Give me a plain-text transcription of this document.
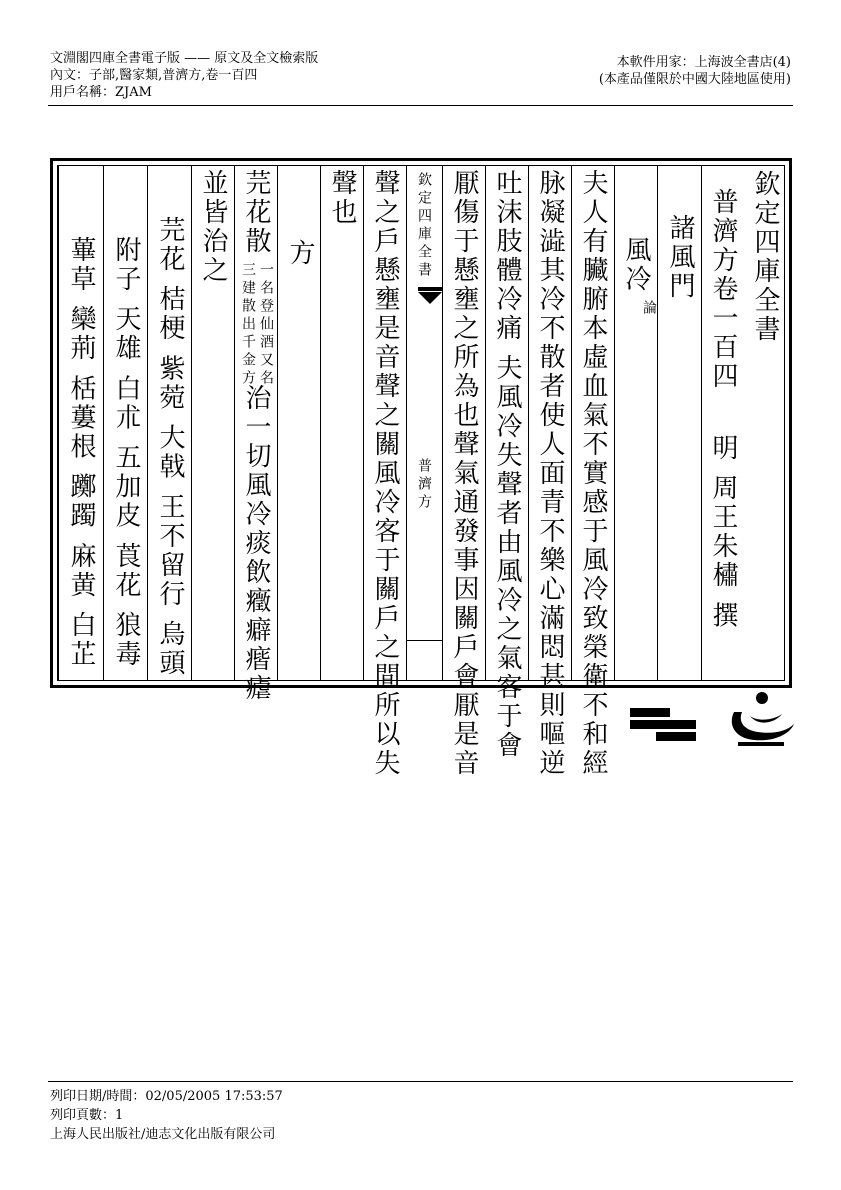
文淵閣四庫全書電子版 —— 原文及全文檢索版
內文：子部,醫家類,普濟方,卷一百四
用戶名稱：ZJAM
本軟件用家：上海波全書店(4)
(本產品僅限於中國大陸地區使用)
欽定四庫全書
普濟方卷一百四
明 周王朱橚 撰
諸風門
風冷
論
夫人有臟腑本虛血氣不實感于風冷致榮衛不和經
脉凝澁其冷不散者使人面青不樂心滿悶甚則嘔逆
吐沫肢體冷痛 夫風冷失聲者由風冷之氣客于會
厭傷于懸壅之所為也聲氣通發事因關戶會厭是音
欽定四庫全書
普濟方
聲之戶懸壅是音聲之關風冷客于關戶之間所以失
聲也
方
芫花散
一名登仙酒又名
三建散出千金方
治一切風冷痰飲癥癖㾬瘧
並皆治之
芫花 桔梗 紫菀 大戟 王不留行 烏頭
附子 天雄 白朮 五加皮 莨花 狼毒
蓽草 欒荊 栝蔞根 躑躅 麻黄 白芷
列印日期/時間：02/05/2005 17:53:57
列印頁數：1
上海人民出版社/迪志文化出版有限公司
